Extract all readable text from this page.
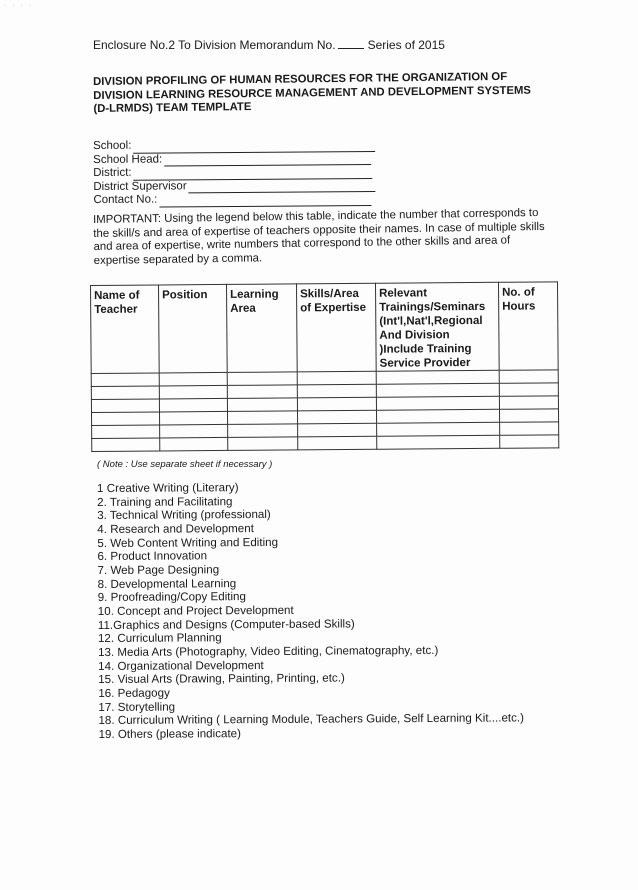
· · · ·
Enclosure No.2 To Division Memorandum No.	Series of 2015
DIVISION PROFILING OF HUMAN RESOURCES FOR THE ORGANIZATION OF DIVISION LEARNING RESOURCE MANAGEMENT AND DEVELOPMENT SYSTEMS (D-LRMDS) TEAM TEMPLATE
School:
School Head:
District:
District Supervisor
Contact No.:
IMPORTANT: Using the legend below this table, indicate the number that corresponds to the skill/s and area of expertise of teachers opposite their names. In case of multiple skills and area of expertise, write numbers that correspond to the other skills and area of expertise separated by a comma.
Name of Teacher	Position	Learning Area	Skills/Area of Expertise	Relevant Trainings/Seminars (Int'l,Nat'l,Regional And Division )Include Training Service Provider	No. of Hours

( Note : Use separate sheet if necessary )
1 Creative Writing (Literary)
2. Training and Facilitating
3. Technical Writing (professional)
4. Research and Development
5. Web Content Writing and Editing
6. Product Innovation
7. Web Page Designing
8. Developmental Learning
9. Proofreading/Copy Editing
10. Concept and Project Development
11.Graphics and Designs (Computer-based Skills)
12. Curriculum Planning
13. Media Arts (Photography, Video Editing, Cinematography, etc.)
14. Organizational Development
15. Visual Arts (Drawing, Painting, Printing, etc.)
16. Pedagogy
17. Storytelling
18. Curriculum Writing ( Learning Module, Teachers Guide, Self Learning Kit....etc.)
19. Others (please indicate)
